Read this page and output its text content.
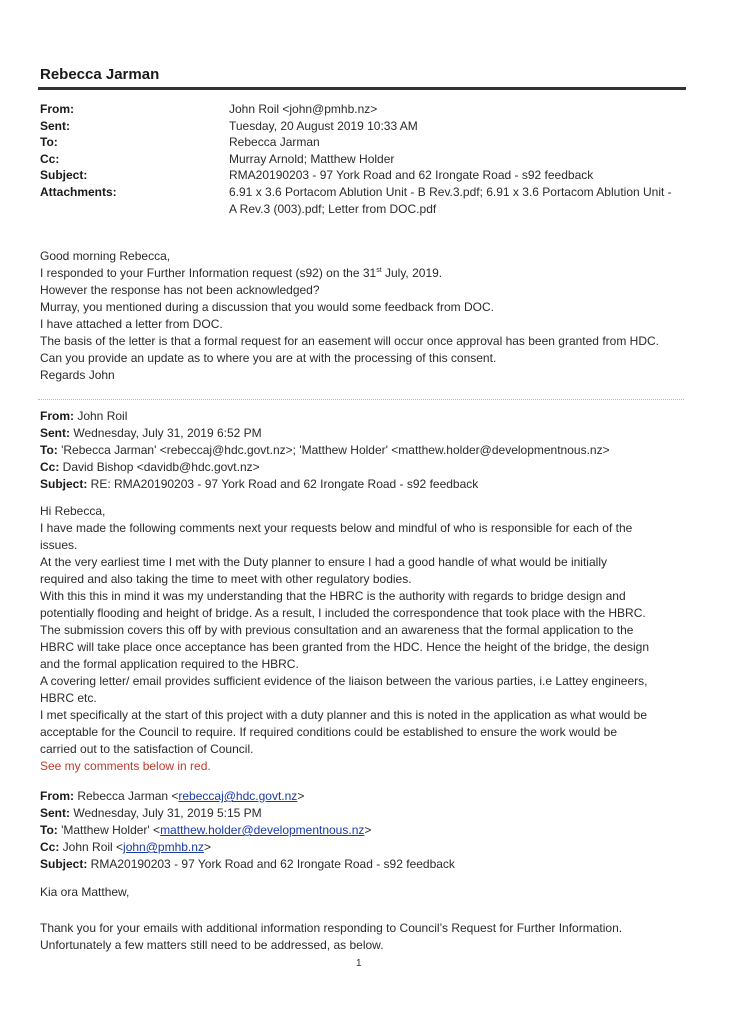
Rebecca Jarman
From:	John Roil <john@pmhb.nz>
Sent:	Tuesday, 20 August 2019 10:33 AM
To:	Rebecca Jarman
Cc:	Murray Arnold; Matthew Holder
Subject:	RMA20190203 - 97 York Road and 62 Irongate Road - s92 feedback
Attachments:	6.91 x 3.6 Portacom Ablution Unit - B Rev.3.pdf; 6.91 x 3.6 Portacom Ablution Unit -
A Rev.3 (003).pdf; Letter from DOC.pdf
Good morning Rebecca,
I responded to your Further Information request (s92) on the 31st July, 2019.
However the response has not been acknowledged?
Murray, you mentioned during a discussion that you would some feedback from DOC.
I have attached a letter from DOC.
The basis of the letter is that a formal request for an easement will occur once approval has been granted from HDC.
Can you provide an update as to where you are at with the processing of this consent.
Regards John
From: John Roil
Sent: Wednesday, July 31, 2019 6:52 PM
To: 'Rebecca Jarman' <rebeccaj@hdc.govt.nz>; 'Matthew Holder' <matthew.holder@developmentnous.nz>
Cc: David Bishop <davidb@hdc.govt.nz>
Subject: RE: RMA20190203 - 97 York Road and 62 Irongate Road - s92 feedback
Hi Rebecca,
I have made the following comments next your requests below and mindful of who is responsible for each of the
issues.
At the very earliest time I met with the Duty planner to ensure I had a good handle of what would be initially
required and also taking the time to meet with other regulatory bodies.
With this this in mind it was my understanding that the HBRC is the authority with regards to bridge design and
potentially flooding and height of bridge. As a result, I included the correspondence that took place with the HBRC.
The submission covers this off by with previous consultation and an awareness that the formal application to the
HBRC will take place once acceptance has been granted from the HDC. Hence the height of the bridge, the design
and the formal application required to the HBRC.
A covering letter/ email provides sufficient evidence of the liaison between the various parties, i.e Lattey engineers,
HBRC etc.
I met specifically at the start of this project with a duty planner and this is noted in the application as what would be
acceptable for the Council to require. If required conditions could be established to ensure the work would be
carried out to the satisfaction of Council.
See my comments below in red.
From: Rebecca Jarman <rebeccaj@hdc.govt.nz>
Sent: Wednesday, July 31, 2019 5:15 PM
To: 'Matthew Holder' <matthew.holder@developmentnous.nz>
Cc: John Roil <john@pmhb.nz>
Subject: RMA20190203 - 97 York Road and 62 Irongate Road - s92 feedback
Kia ora Matthew,
Thank you for your emails with additional information responding to Council’s Request for Further Information.
Unfortunately a few matters still need to be addressed, as below.
1
